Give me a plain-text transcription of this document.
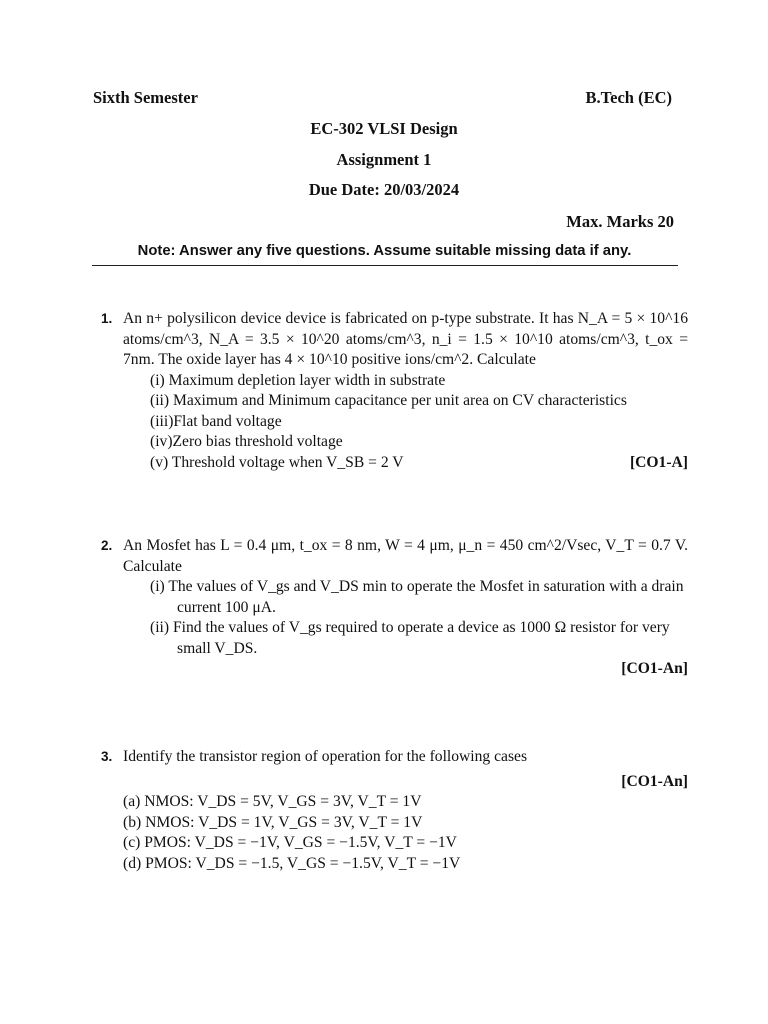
Sixth Semester	B.Tech (EC)
EC-302 VLSI Design
Assignment 1
Due Date: 20/03/2024
Max. Marks 20
Note: Answer any five questions. Assume suitable missing data if any.
1. An n+ polysilicon device device is fabricated on p-type substrate. It has N_A = 5 × 10^16 atoms/cm^3, N_A = 3.5 × 10^20 atoms/cm^3, n_i = 1.5 × 10^10 atoms/cm^3, t_ox = 7nm. The oxide layer has 4 × 10^10 positive ions/cm^2. Calculate
(i) Maximum depletion layer width in substrate
(ii) Maximum and Minimum capacitance per unit area on CV characteristics
(iii)Flat band voltage
(iv)Zero bias threshold voltage
[CO1-A]
(v) Threshold voltage when V_SB = 2 V
2. An Mosfet has L = 0.4 μm, t_ox = 8 nm, W = 4 μm, μ_n = 450 cm^2/Vsec, V_T = 0.7 V. Calculate
(i) The values of V_gs and V_DS min to operate the Mosfet in saturation with a drain current 100 μA.
(ii) Find the values of V_gs required to operate a device as 1000 Ω resistor for very small V_DS.
[CO1-An]
3. Identify the transistor region of operation for the following cases
[CO1-An]
(a) NMOS: V_DS = 5V, V_GS = 3V, V_T = 1V
(b) NMOS: V_DS = 1V, V_GS = 3V, V_T = 1V
(c) PMOS: V_DS = −1V, V_GS = −1.5V, V_T = −1V
(d) PMOS: V_DS = −1.5, V_GS = −1.5V, V_T = −1V
